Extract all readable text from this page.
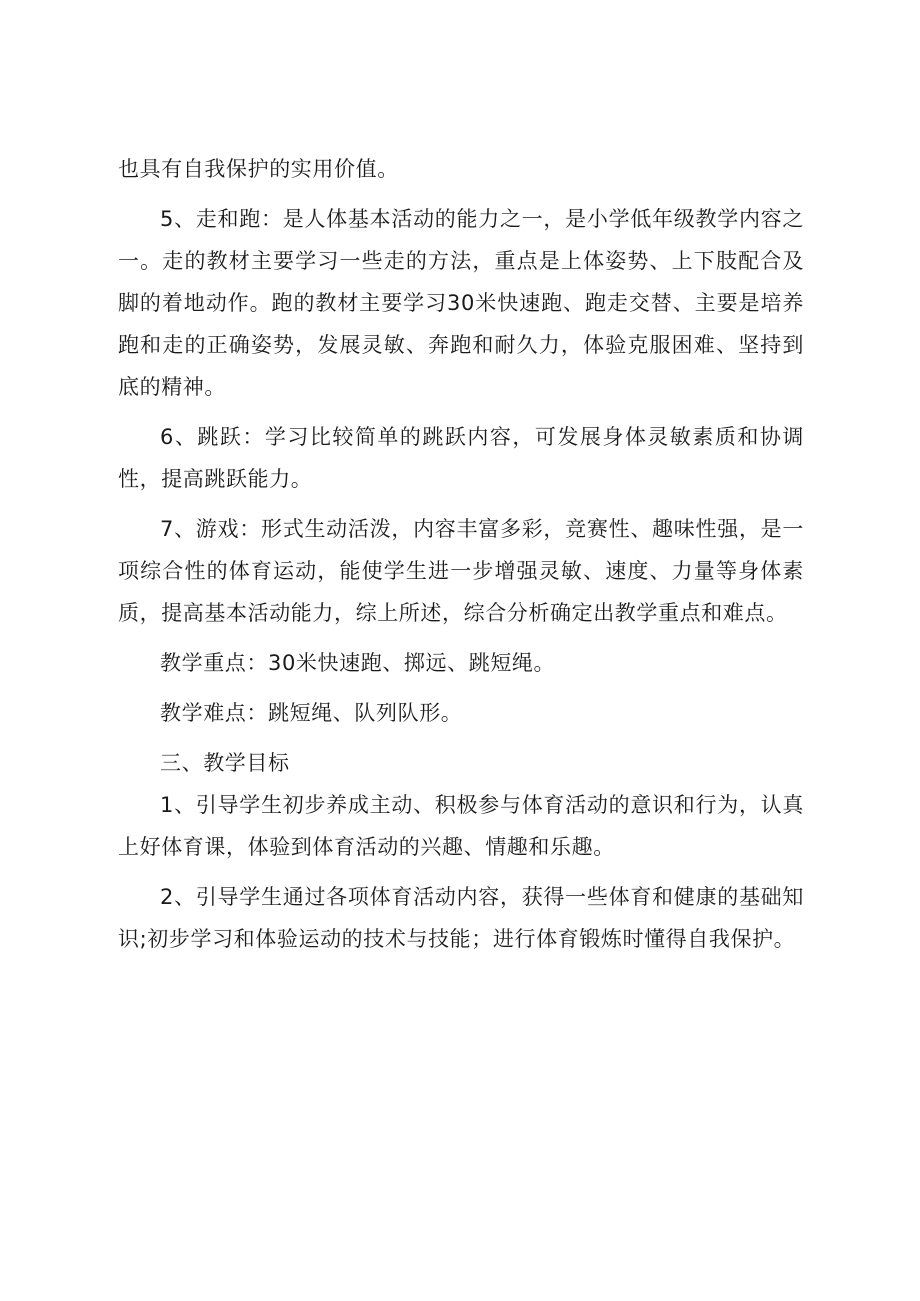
也具有自我保护的实用价值。

5、走和跑：是人体基本活动的能力之一，是小学低年级教学内容之一。走的教材主要学习一些走的方法，重点是上体姿势、上下肢配合及脚的着地动作。跑的教材主要学习30米快速跑、跑走交替、主要是培养跑和走的正确姿势，发展灵敏、奔跑和耐久力，体验克服困难、坚持到底的精神。

6、跳跃：学习比较简单的跳跃内容，可发展身体灵敏素质和协调性，提高跳跃能力。

7、游戏：形式生动活泼，内容丰富多彩，竞赛性、趣味性强，是一项综合性的体育运动，能使学生进一步增强灵敏、速度、力量等身体素质，提高基本活动能力，综上所述，综合分析确定出教学重点和难点。

教学重点：30米快速跑、掷远、跳短绳。

教学难点：跳短绳、队列队形。

三、教学目标

1、引导学生初步养成主动、积极参与体育活动的意识和行为，认真上好体育课，体验到体育活动的兴趣、情趣和乐趣。

2、引导学生通过各项体育活动内容，获得一些体育和健康的基础知识;初步学习和体验运动的技术与技能；进行体育锻炼时懂得自我保护。
